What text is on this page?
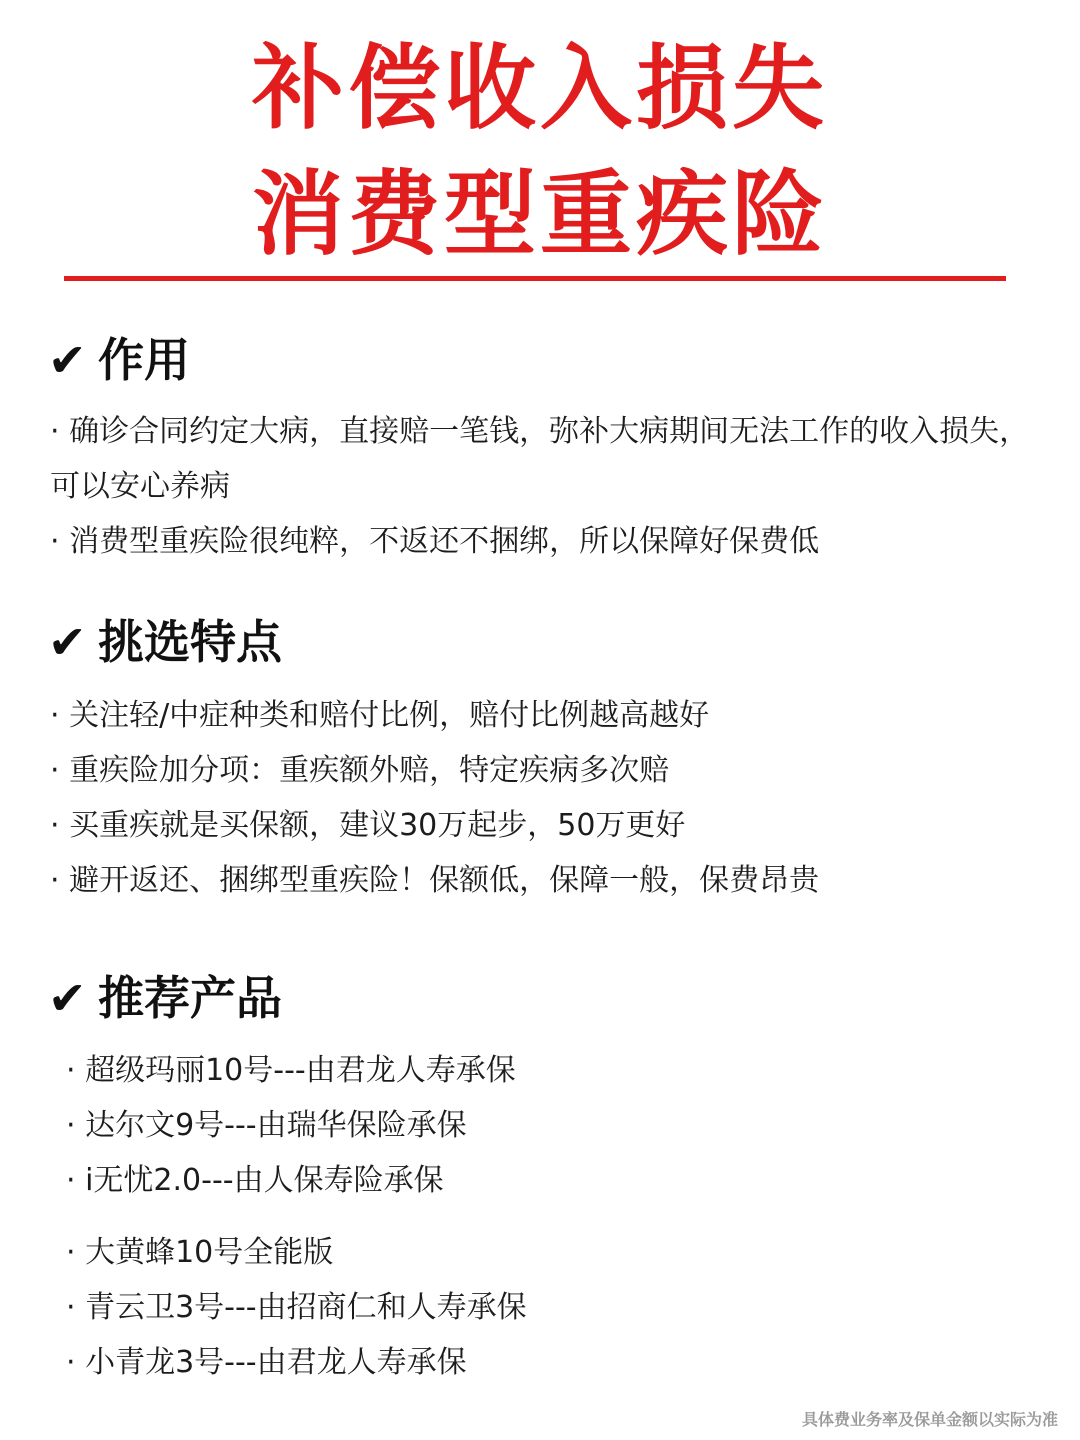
补偿收入损失
消费型重疾险
✔ 作用
· 确诊合同约定大病，直接赔一笔钱，弥补大病期间无法工作的收入损失，可以安心养病
· 消费型重疾险很纯粹，不返还不捆绑，所以保障好保费低
✔ 挑选特点
· 关注轻/中症种类和赔付比例，赔付比例越高越好
· 重疾险加分项：重疾额外赔，特定疾病多次赔
· 买重疾就是买保额，建议30万起步，50万更好
· 避开返还、捆绑型重疾险！保额低，保障一般，保费昂贵
✔ 推荐产品
· 超级玛丽10号---由君龙人寿承保
· 达尔文9号---由瑞华保险承保
· i无忧2.0---由人保寿险承保
· 大黄蜂10号全能版
· 青云卫3号---由招商仁和人寿承保
· 小青龙3号---由君龙人寿承保
具体费业务率及保单金额以实际为准
